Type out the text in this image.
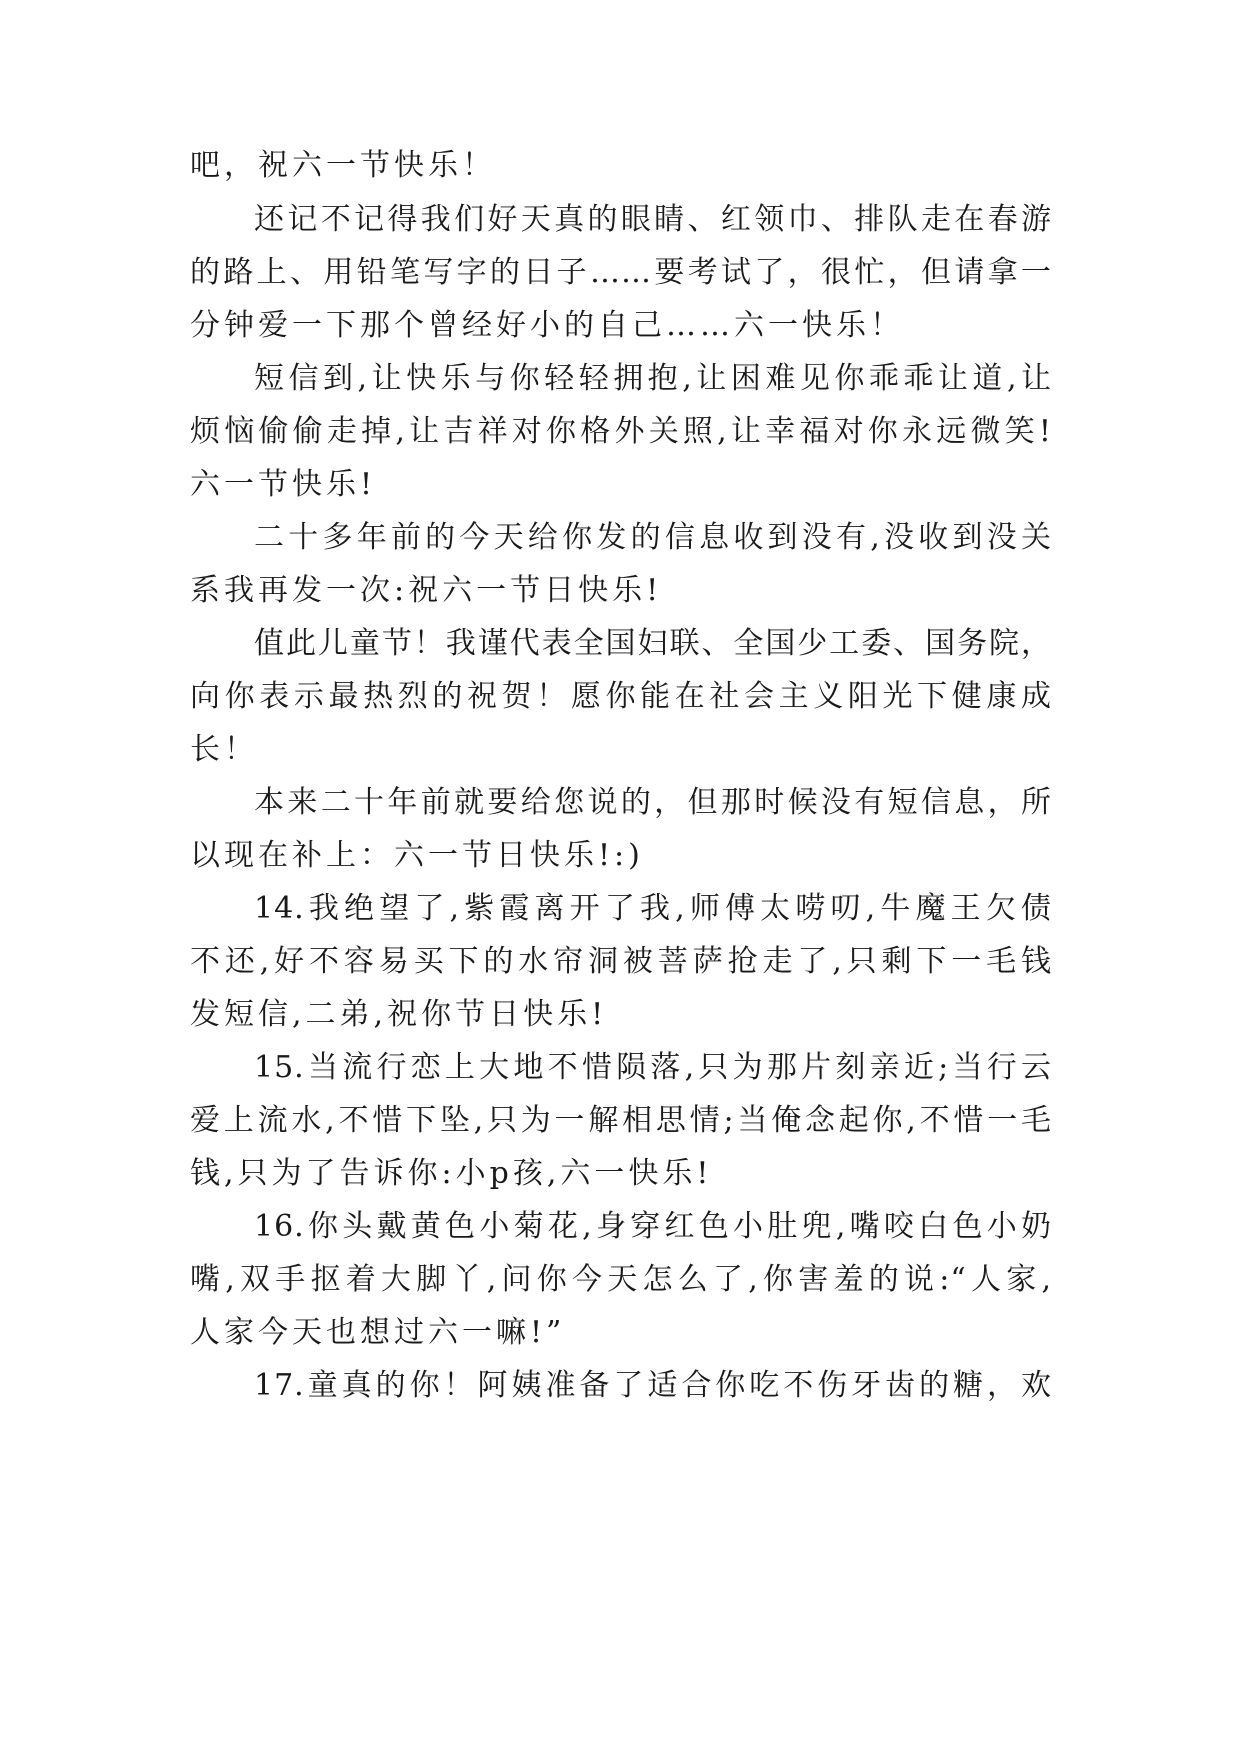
吧，祝六一节快乐！
还记不记得我们好天真的眼睛、红领巾、排队走在春游
的路上、用铅笔写字的日子……要考试了，很忙，但请拿一
分钟爱一下那个曾经好小的自己……六一快乐！
短信到,让快乐与你轻轻拥抱,让困难见你乖乖让道,让
烦恼偷偷走掉,让吉祥对你格外关照,让幸福对你永远微笑!
六一节快乐!
二十多年前的今天给你发的信息收到没有,没收到没关
系我再发一次:祝六一节日快乐!
值此儿童节！我谨代表全国妇联、全国少工委、国务院，
向你表示最热烈的祝贺！愿你能在社会主义阳光下健康成
长！
本来二十年前就要给您说的，但那时候没有短信息，所
以现在补上：六一节日快乐!:)
14.我绝望了,紫霞离开了我,师傅太唠叨,牛魔王欠债
不还,好不容易买下的水帘洞被菩萨抢走了,只剩下一毛钱
发短信,二弟,祝你节日快乐!
15.当流行恋上大地不惜陨落,只为那片刻亲近;当行云
爱上流水,不惜下坠,只为一解相思情;当俺念起你,不惜一毛
钱,只为了告诉你:小p孩,六一快乐!
16.你头戴黄色小菊花,身穿红色小肚兜,嘴咬白色小奶
嘴,双手抠着大脚丫,问你今天怎么了,你害羞的说:“人家,
人家今天也想过六一嘛!”
17.童真的你！阿姨准备了适合你吃不伤牙齿的糖，欢
